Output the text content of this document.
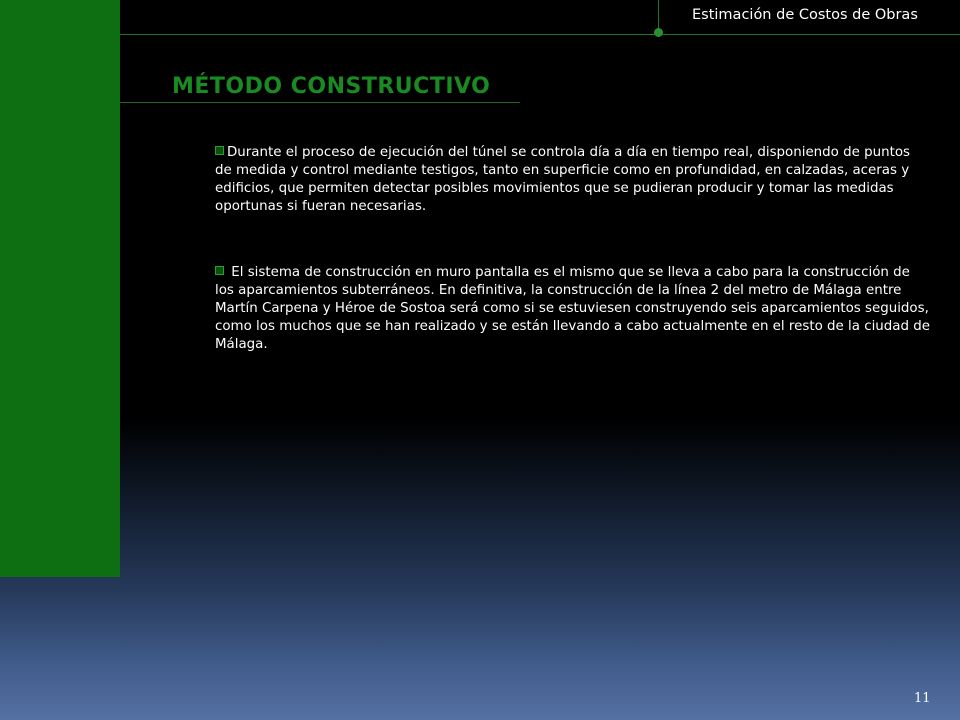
Estimación de Costos de Obras
MÉTODO CONSTRUCTIVO
Durante el proceso de ejecución del túnel se controla día a día en tiempo real, disponiendo de puntos de medida y control mediante testigos, tanto en superficie como en profundidad, en calzadas, aceras y edificios, que permiten detectar posibles movimientos que se pudieran producir y tomar las medidas oportunas si fueran necesarias.
El sistema de construcción en muro pantalla es el mismo que se lleva a cabo para la construcción de los aparcamientos subterráneos. En definitiva, la construcción de la línea 2 del metro de Málaga entre Martín Carpena y Héroe de Sostoa será como si se estuviesen construyendo seis aparcamientos seguidos, como los muchos que se han realizado y se están llevando a cabo actualmente en el resto de la ciudad de Málaga.
11
